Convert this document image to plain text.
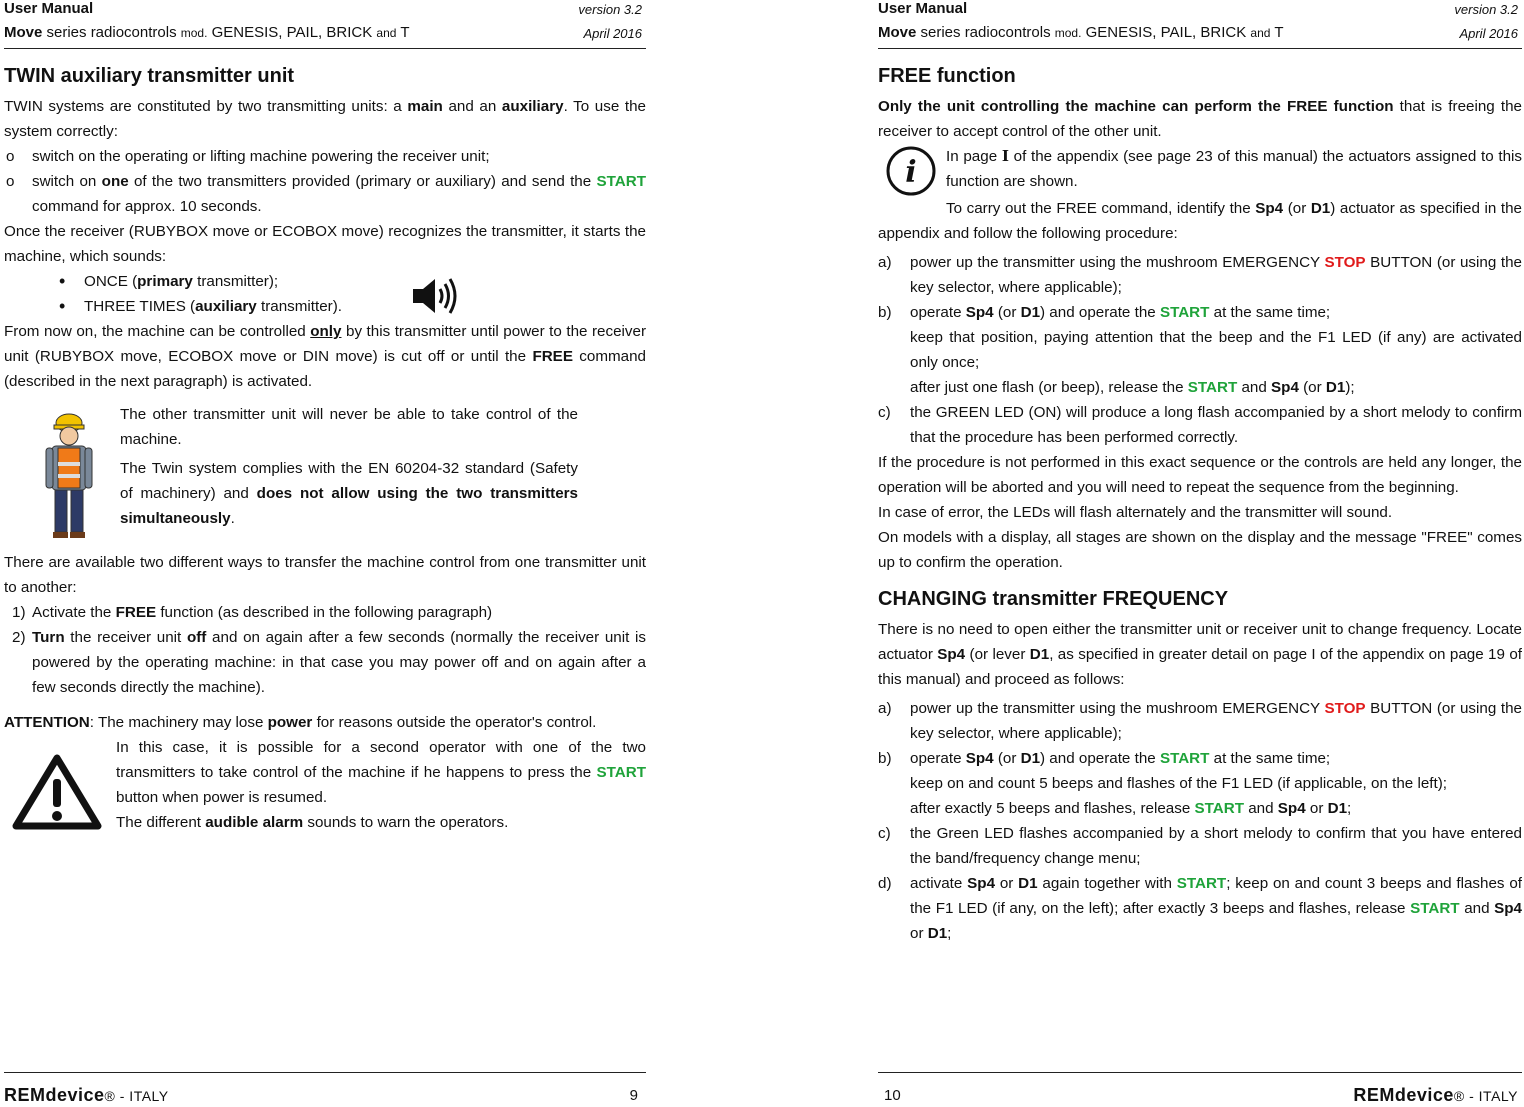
User Manual	version 3.2
Move series radiocontrols mod. GENESIS, PAIL, BRICK and T	April 2016
TWIN auxiliary transmitter unit

TWIN systems are constituted by two transmitting units: a main and an auxiliary. To use the system correctly:

o switch on the operating or lifting machine powering the receiver unit;

o switch on one of the two transmitters provided (primary or auxiliary) and send the START command for approx. 10 seconds.

Once the receiver (RUBYBOX move or ECOBOX move) recognizes the transmitter, it starts the machine, which sounds:

• ONCE (primary transmitter);

• THREE TIMES (auxiliary transmitter).

From now on, the machine can be controlled only by this transmitter until power to the receiver unit (RUBYBOX move, ECOBOX move or DIN move) is cut off or until the FREE command (described in the next paragraph) is activated.

The other transmitter unit will never be able to take control of the machine.

The Twin system complies with the EN 60204-32 standard (Safety of machinery) and does not allow using the two transmitters simultaneously.

There are available two different ways to transfer the machine control from one transmitter unit to another:

1) Activate the FREE function (as described in the following paragraph)

2) Turn the receiver unit off and on again after a few seconds (normally the receiver unit is powered by the operating machine: in that case you may power off and on again after a few seconds directly the machine).

ATTENTION: The machinery may lose power for reasons outside the operator's control.

In this case, it is possible for a second operator with one of the two transmitters to take control of the machine if he happens to press the START button when power is resumed.

The different audible alarm sounds to warn the operators.

REMdevice® - ITALY	9
User Manual	version 3.2
Move series radiocontrols mod. GENESIS, PAIL, BRICK and T	April 2016
FREE function

Only the unit controlling the machine can perform the FREE function that is freeing the receiver to accept control of the other unit.

i In page I of the appendix (see page 23 of this manual) the actuators assigned to this function are shown.

To carry out the FREE command, identify the Sp4 (or D1) actuator as specified in the appendix and follow the following procedure:

a) power up the transmitter using the mushroom EMERGENCY STOP BUTTON (or using the key selector, where applicable);

b) operate Sp4 (or D1) and operate the START at the same time;

keep that position, paying attention that the beep and the F1 LED (if any) are activated only once;

after just one flash (or beep), release the START and Sp4 (or D1);

c) the GREEN LED (ON) will produce a long flash accompanied by a short melody to confirm that the procedure has been performed correctly.

If the procedure is not performed in this exact sequence or the controls are held any longer, the operation will be aborted and you will need to repeat the sequence from the beginning.

In case of error, the LEDs will flash alternately and the transmitter will sound.

On models with a display, all stages are shown on the display and the message "FREE" comes up to confirm the operation.

CHANGING transmitter FREQUENCY

There is no need to open either the transmitter unit or receiver unit to change frequency. Locate actuator Sp4 (or lever D1, as specified in greater detail on page I of the appendix on page 19 of this manual) and proceed as follows:

a) power up the transmitter using the mushroom EMERGENCY STOP BUTTON (or using the key selector, where applicable);

b) operate Sp4 (or D1) and operate the START at the same time;

keep on and count 5 beeps and flashes of the F1 LED (if applicable, on the left);

after exactly 5 beeps and flashes, release START and Sp4 or D1;

c) the Green LED flashes accompanied by a short melody to confirm that you have entered the band/frequency change menu;

d) activate Sp4 or D1 again together with START; keep on and count 3 beeps and flashes of the F1 LED (if any, on the left); after exactly 3 beeps and flashes, release START and Sp4 or D1;

10	REMdevice® - ITALY
